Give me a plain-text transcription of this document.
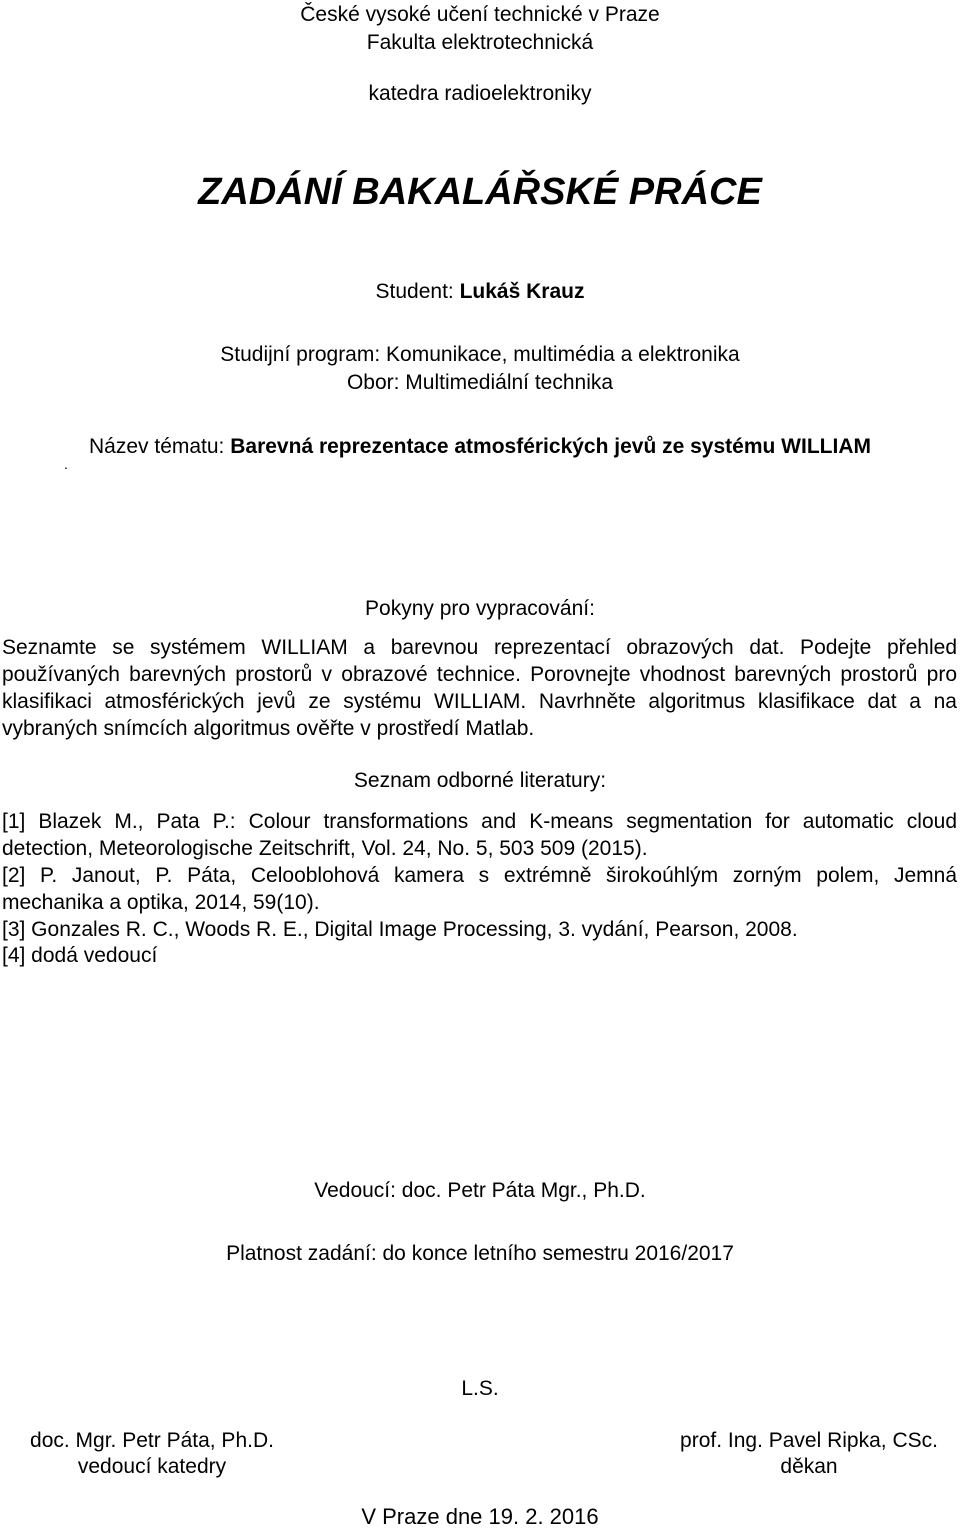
České vysoké učení technické v Praze
Fakulta elektrotechnická
katedra radioelektroniky
ZADÁNÍ BAKALÁŘSKÉ PRÁCE
Student: Lukáš Krauz
Studijní program: Komunikace, multimédia a elektronika
Obor: Multimediální technika
Název tématu: Barevná reprezentace atmosférických jevů ze systému WILLIAM
.
Pokyny pro vypracování:
Seznamte se systémem WILLIAM a barevnou reprezentací obrazových dat. Podejte přehled používaných barevných prostorů v obrazové technice. Porovnejte vhodnost barevných prostorů pro klasifikaci atmosférických jevů ze systému WILLIAM. Navrhněte algoritmus klasifikace dat a na vybraných snímcích algoritmus ověřte v prostředí Matlab.
Seznam odborné literatury:
[1] Blazek M., Pata P.: Colour transformations and K-means segmentation for automatic cloud detection, Meteorologische Zeitschrift, Vol. 24, No. 5, 503 509 (2015).
[2] P. Janout, P. Páta, Celooblohová kamera s extrémně širokoúhlým zorným polem, Jemná mechanika a optika, 2014, 59(10).
[3] Gonzales R. C., Woods R. E., Digital Image Processing, 3. vydání, Pearson, 2008.
[4] dodá vedoucí
Vedoucí: doc. Petr Páta Mgr., Ph.D.
Platnost zadání: do konce letního semestru 2016/2017
L.S.
doc. Mgr. Petr Páta, Ph.D.
vedoucí katedry
prof. Ing. Pavel Ripka, CSc.
děkan
V Praze dne 19. 2. 2016
